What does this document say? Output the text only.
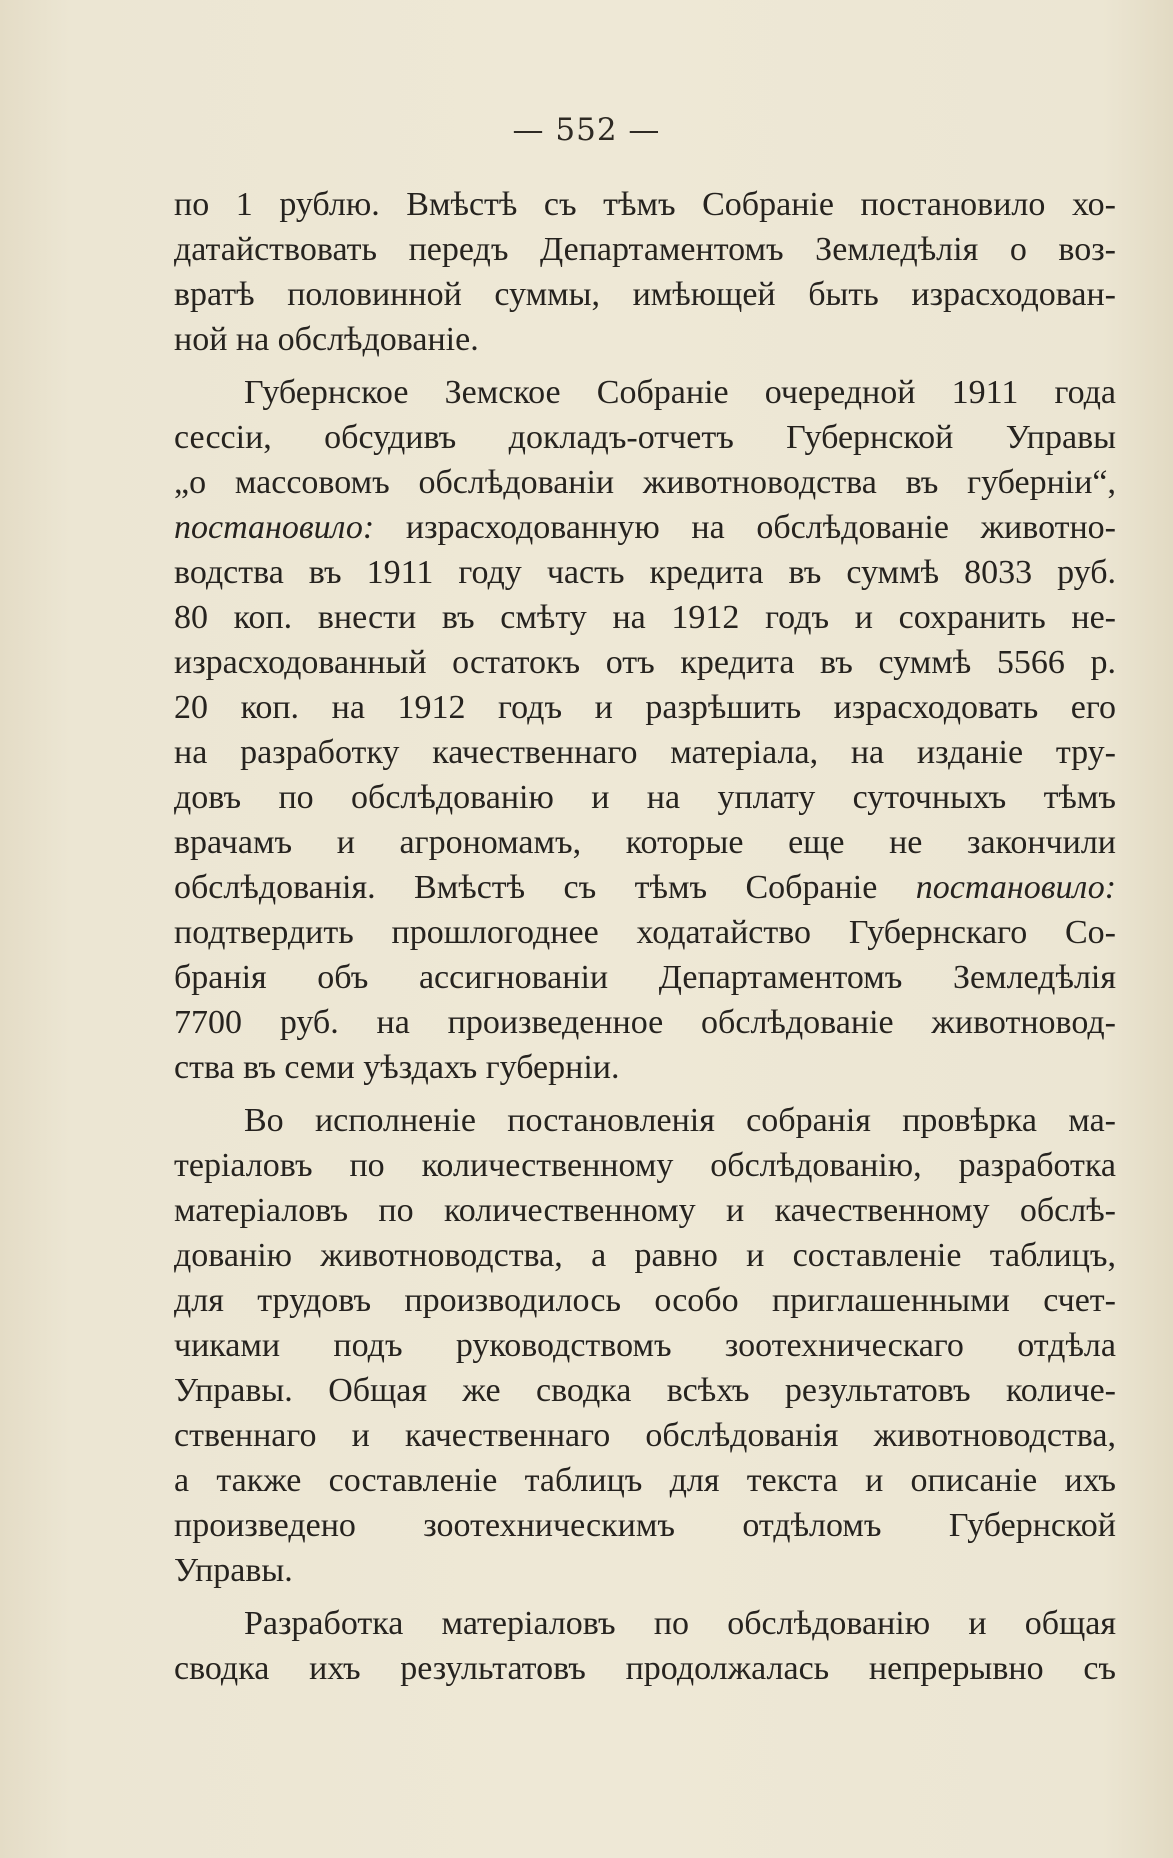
— 552 —
по 1 рублю. Вмѣстѣ съ тѣмъ Собраніе постановило хо-
датайствовать передъ Департаментомъ Земледѣлія о воз-
вратѣ половинной суммы, имѣющей быть израсходован-
ной на обслѣдованіе.
Губернское Земское Собраніе очередной 1911 года
сессіи, обсудивъ докладъ-отчетъ Губернской Управы
„о массовомъ обслѣдованіи животноводства въ губерніи“,
постановило: израсходованную на обслѣдованіе животно-
водства въ 1911 году часть кредита въ суммѣ 8033 руб.
80 коп. внести въ смѣту на 1912 годъ и сохранить не-
израсходованный остатокъ отъ кредита въ суммѣ 5566 р.
20 коп. на 1912 годъ и разрѣшить израсходовать его
на разработку качественнаго матеріала, на изданіе тру-
довъ по обслѣдованію и на уплату суточныхъ тѣмъ
врачамъ и агрономамъ, которые еще не закончили
обслѣдованія. Вмѣстѣ съ тѣмъ Собраніе постановило:
подтвердить прошлогоднее ходатайство Губернскаго Со-
бранія объ ассигнованіи Департаментомъ Земледѣлія
7700 руб. на произведенное обслѣдованіе животновод-
ства въ семи уѣздахъ губерніи.
Во исполненіе постановленія собранія провѣрка ма-
теріаловъ по количественному обслѣдованію, разработка
матеріаловъ по количественному и качественному обслѣ-
дованію животноводства, а равно и составленіе таблицъ,
для трудовъ производилось особо приглашенными счет-
чиками подъ руководствомъ зоотехническаго отдѣла
Управы. Общая же сводка всѣхъ результатовъ количе-
ственнаго и качественнаго обслѣдованія животноводства,
а также составленіе таблицъ для текста и описаніе ихъ
произведено зоотехническимъ отдѣломъ Губернской
Управы.
Разработка матеріаловъ по обслѣдованію и общая
сводка ихъ результатовъ продолжалась непрерывно съ
